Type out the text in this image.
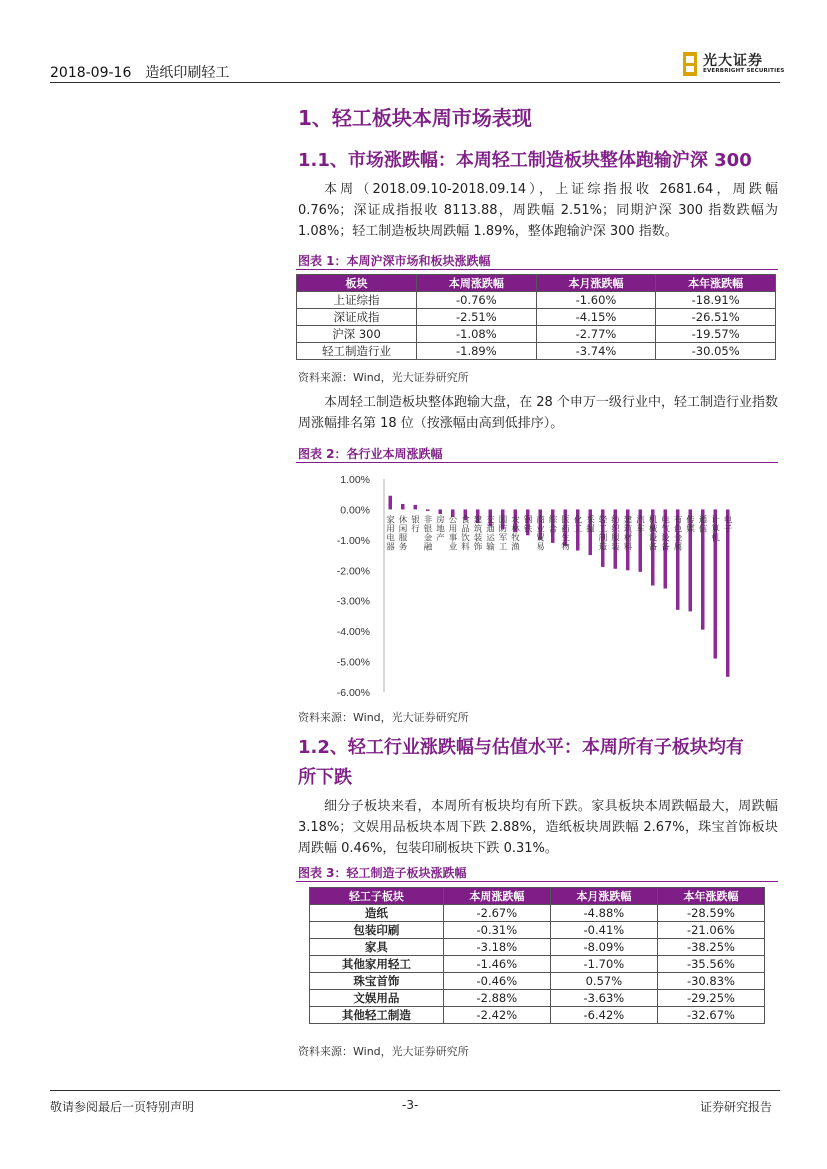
2018-09-16 造纸印刷轻工
光大证券
EVERBRIGHT SECURITIES
1、轻工板块本周市场表现
1.1、市场涨跌幅：本周轻工制造板块整体跑输沪深 300
本周（2018.09.10-2018.09.14），上证综指报收 2681.64，周跌幅 0.76%；深证成指报收 8113.88，周跌幅 2.51%；同期沪深 300 指数跌幅为 1.08%；轻工制造板块周跌幅 1.89%，整体跑输沪深 300 指数。
图表 1：本周沪深市场和板块涨跌幅
板块	本周涨跌幅	本月涨跌幅	本年涨跌幅
上证综指	-0.76%	-1.60%	-18.91%
深证成指	-2.51%	-4.15%	-26.51%
沪深 300	-1.08%	-2.77%	-19.57%
轻工制造行业	-1.89%	-3.74%	-30.05%
资料来源：Wind，光大证券研究所
本周轻工制造板块整体跑输大盘，在 28 个申万一级行业中，轻工制造行业指数周涨幅排名第 18 位（按涨幅由高到低排序）。
图表 2：各行业本周涨跌幅
1.00%
0.00%
-1.00%
-2.00%
-3.00%
-4.00%
-5.00%
-6.00%
家用电器
休闲服务
银行
非银金融
房地产
公用事业
食品饮料
建筑装饰
交通运输
国防军工
农林牧渔
钢铁
商业贸易
综合
医药生物
化工
采掘
轻工制造
纺织服装
建筑材料
汽车
机械设备
电气设备
有色金属
传媒
通信
计算机
电子
资料来源：Wind，光大证券研究所
1.2、轻工行业涨跌幅与估值水平：本周所有子板块均有
所下跌
细分子板块来看，本周所有板块均有所下跌。家具板块本周跌幅最大，周跌幅 3.18%；文娱用品板块本周下跌 2.88%，造纸板块周跌幅 2.67%，珠宝首饰板块周跌幅 0.46%，包装印刷板块下跌 0.31%。
图表 3：轻工制造子板块涨跌幅
轻工子板块	本周涨跌幅	本月涨跌幅	本年涨跌幅
造纸	-2.67%	-4.88%	-28.59%
包装印刷	-0.31%	-0.41%	-21.06%
家具	-3.18%	-8.09%	-38.25%
其他家用轻工	-1.46%	-1.70%	-35.56%
珠宝首饰	-0.46%	0.57%	-30.83%
文娱用品	-2.88%	-3.63%	-29.25%
其他轻工制造	-2.42%	-6.42%	-32.67%
资料来源：Wind，光大证券研究所
敬请参阅最后一页特别声明	-3-	证券研究报告
